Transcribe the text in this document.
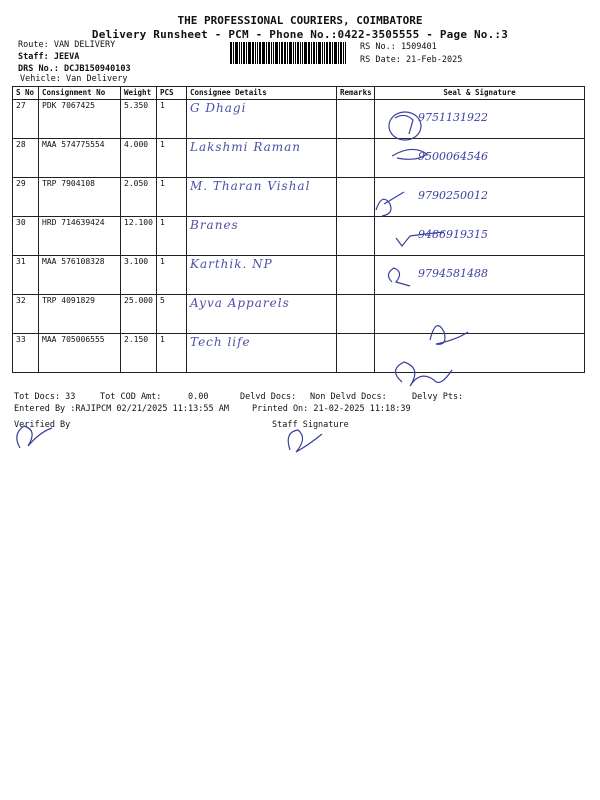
THE PROFESSIONAL COURIERS, COIMBATORE
Delivery Runsheet - PCM - Phone No.:0422-3505555 - Page No.:3
Route: VAN DELIVERY
Staff: JEEVA
DRS No.: DCJB150940103
Vehicle: Van Delivery
RS No.: 1509401
RS Date: 21-Feb-2025
S No	Consignment No	Weight	PCS	Consignee Details	Remarks	Seal & Signature
27	PDK 7067425	5.350	1	G Dhagi		9751131922

28	MAA 574775554	4.000	1	Lakshmi Raman		9500064546

29	TRP 7904108	2.050	1	M. Tharan Vishal		9790250012

30	HRD 714639424	12.100	1	Branes		9486919315

31	MAA 576108328	3.100	1	Karthik. NP		9794581488

32	TRP 4091829	25.000	5	Ayva Apparels		

33	MAA 705006555	2.150	1	Tech life		

Tot Docs: 33	Tot COD Amt:	0.00	Delvd Docs: Non Delvd Docs:	Delvy Pts:
Entered By :RAJIPCM 02/21/2025 11:13:55 AM	Printed On: 21-02-2025 11:18:39
Verified By	Staff Signature
